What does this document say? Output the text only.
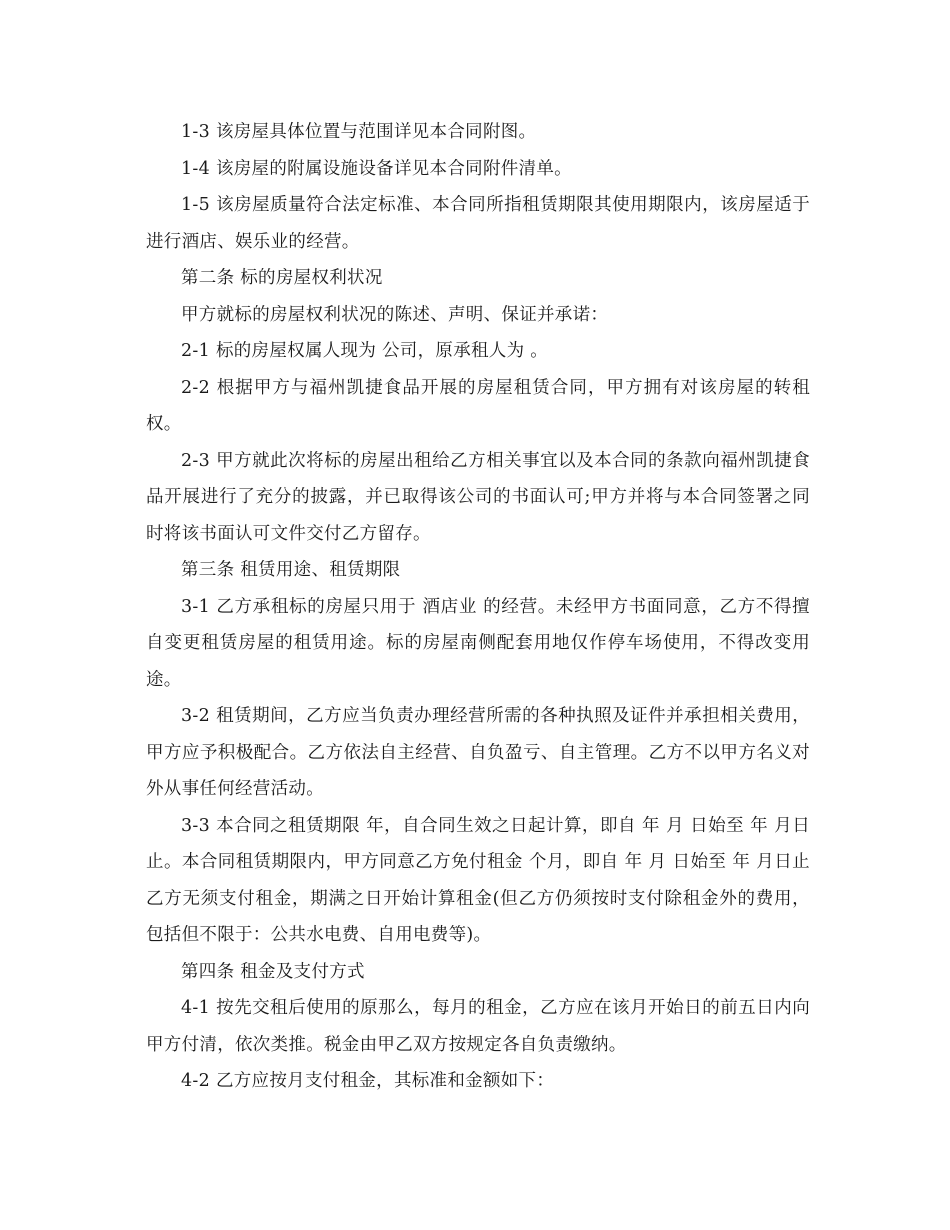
1-3 该房屋具体位置与范围详见本合同附图。

1-4 该房屋的附属设施设备详见本合同附件清单。

1-5 该房屋质量符合法定标准、本合同所指租赁期限其使用期限内，该房屋适于进行酒店、娱乐业的经营。

第二条 标的房屋权利状况

甲方就标的房屋权利状况的陈述、声明、保证并承诺：

2-1 标的房屋权属人现为 公司，原承租人为 。

2-2 根据甲方与福州凯捷食品开展的房屋租赁合同，甲方拥有对该房屋的转租权。

2-3 甲方就此次将标的房屋出租给乙方相关事宜以及本合同的条款向福州凯捷食品开展进行了充分的披露，并已取得该公司的书面认可;甲方并将与本合同签署之同时将该书面认可文件交付乙方留存。

第三条 租赁用途、租赁期限

3-1 乙方承租标的房屋只用于 酒店业 的经营。未经甲方书面同意，乙方不得擅自变更租赁房屋的租赁用途。标的房屋南侧配套用地仅作停车场使用，不得改变用途。

3-2 租赁期间，乙方应当负责办理经营所需的各种执照及证件并承担相关费用，甲方应予积极配合。乙方依法自主经营、自负盈亏、自主管理。乙方不以甲方名义对外从事任何经营活动。

3-3 本合同之租赁期限 年，自合同生效之日起计算，即自 年 月 日始至 年 月日止。本合同租赁期限内，甲方同意乙方免付租金 个月，即自 年 月 日始至 年 月日止乙方无须支付租金，期满之日开始计算租金(但乙方仍须按时支付除租金外的费用，包括但不限于：公共水电费、自用电费等)。

第四条 租金及支付方式

4-1 按先交租后使用的原那么，每月的租金，乙方应在该月开始日的前五日内向甲方付清，依次类推。税金由甲乙双方按规定各自负责缴纳。

4-2 乙方应按月支付租金，其标准和金额如下：
